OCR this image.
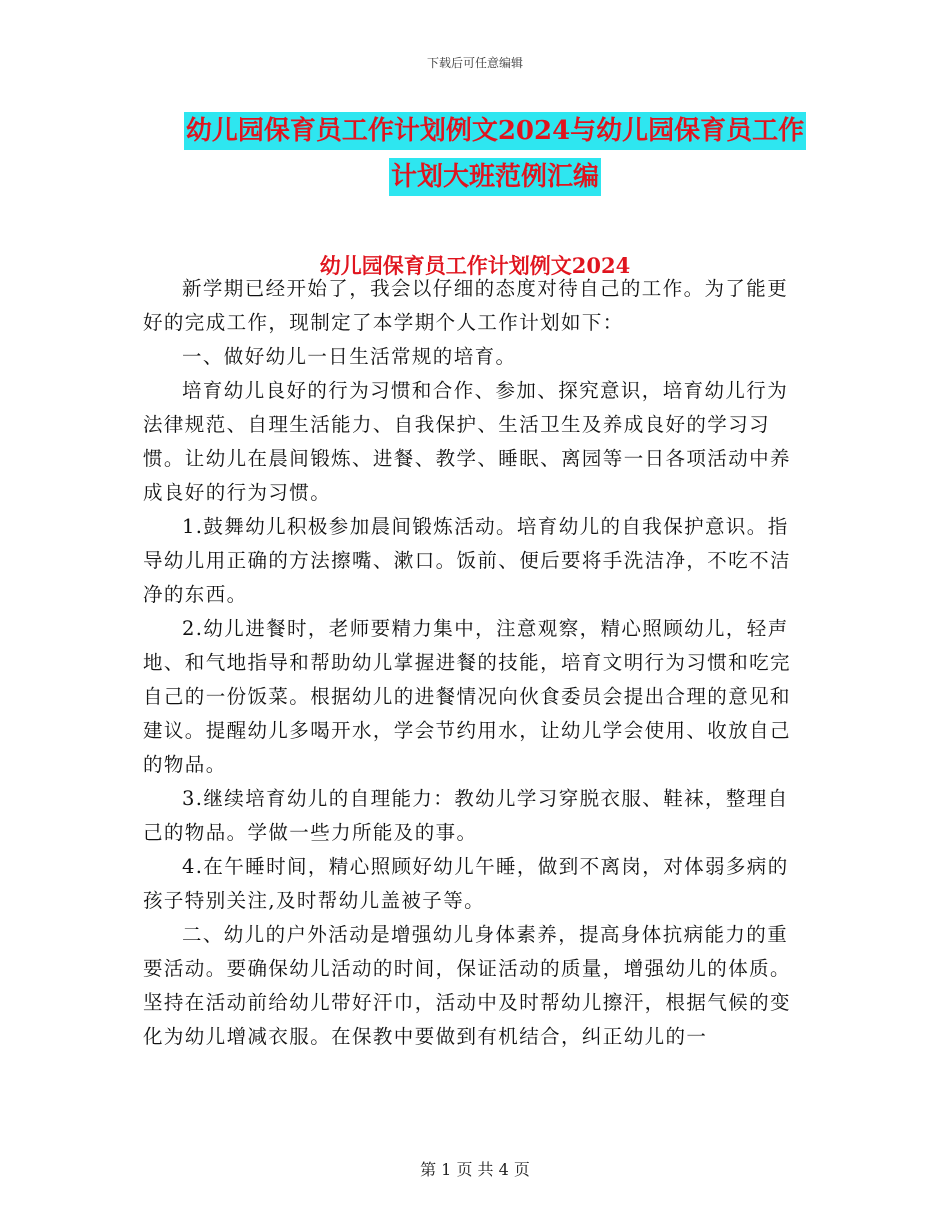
下载后可任意编辑
幼儿园保育员工作计划例文2024与幼儿园保育员工作
计划大班范例汇编
幼儿园保育员工作计划例文2024

新学期已经开始了，我会以仔细的态度对待自己的工作。为了能更好的完成工作，现制定了本学期个人工作计划如下：

一、做好幼儿一日生活常规的培育。

培育幼儿良好的行为习惯和合作、参加、探究意识，培育幼儿行为法律规范、自理生活能力、自我保护、生活卫生及养成良好的学习习惯。让幼儿在晨间锻炼、进餐、教学、睡眠、离园等一日各项活动中养成良好的行为习惯。

1.鼓舞幼儿积极参加晨间锻炼活动。培育幼儿的自我保护意识。指导幼儿用正确的方法擦嘴、漱口。饭前、便后要将手洗洁净，不吃不洁净的东西。

2.幼儿进餐时，老师要精力集中，注意观察，精心照顾幼儿，轻声地、和气地指导和帮助幼儿掌握进餐的技能，培育文明行为习惯和吃完自己的一份饭菜。根据幼儿的进餐情况向伙食委员会提出合理的意见和建议。提醒幼儿多喝开水，学会节约用水，让幼儿学会使用、收放自己的物品。

3.继续培育幼儿的自理能力：教幼儿学习穿脱衣服、鞋袜，整理自己的物品。学做一些力所能及的事。

4.在午睡时间，精心照顾好幼儿午睡，做到不离岗，对体弱多病的孩子特别关注,及时帮幼儿盖被子等。

二、幼儿的户外活动是增强幼儿身体素养，提高身体抗病能力的重要活动。要确保幼儿活动的时间，保证活动的质量，增强幼儿的体质。坚持在活动前给幼儿带好汗巾，活动中及时帮幼儿擦汗，根据气候的变化为幼儿增减衣服。在保教中要做到有机结合，纠正幼儿的一

第 1 页 共 4 页
